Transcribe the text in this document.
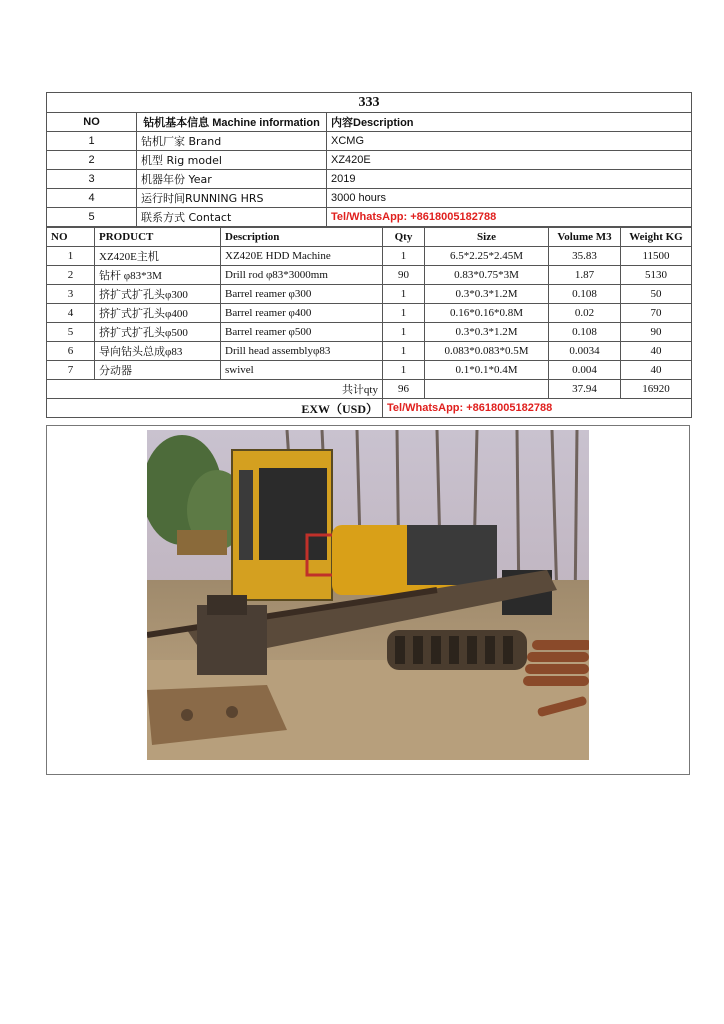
333		
NO	钻机基本信息 Machine information	内容Description
1	钻机厂家 Brand	XCMG
2	机型 Rig model	XZ420E
3	机器年份 Year	2019
4	运行时间RUNNING HRS	3000 hours
5	联系方式 Contact	Tel/WhatsApp: +8618005182788
NO	PRODUCT	Description	Qty	Size	Volume M3	Weight KG
1	XZ420E主机	XZ420E HDD Machine	1	6.5*2.25*2.45M	35.83	11500
2	钻杆 φ83*3M	Drill rod φ83*3000mm	90	0.83*0.75*3M	1.87	5130
3	挤扩式扩孔头φ300	Barrel reamer φ300	1	0.3*0.3*1.2M	0.108	50
4	挤扩式扩孔头φ400	Barrel reamer φ400	1	0.16*0.16*0.8M	0.02	70
5	挤扩式扩孔头φ500	Barrel reamer φ500	1	0.3*0.3*1.2M	0.108	90
6	导向钻头总成φ83	Drill head assemblyφ83	1	0.083*0.083*0.5M	0.0034	40
7	分动器	swivel	1	0.1*0.1*0.4M	0.004	40
共计qty			96		37.94	16920
EXW（USD）			Tel/WhatsApp: +8618005182788			
